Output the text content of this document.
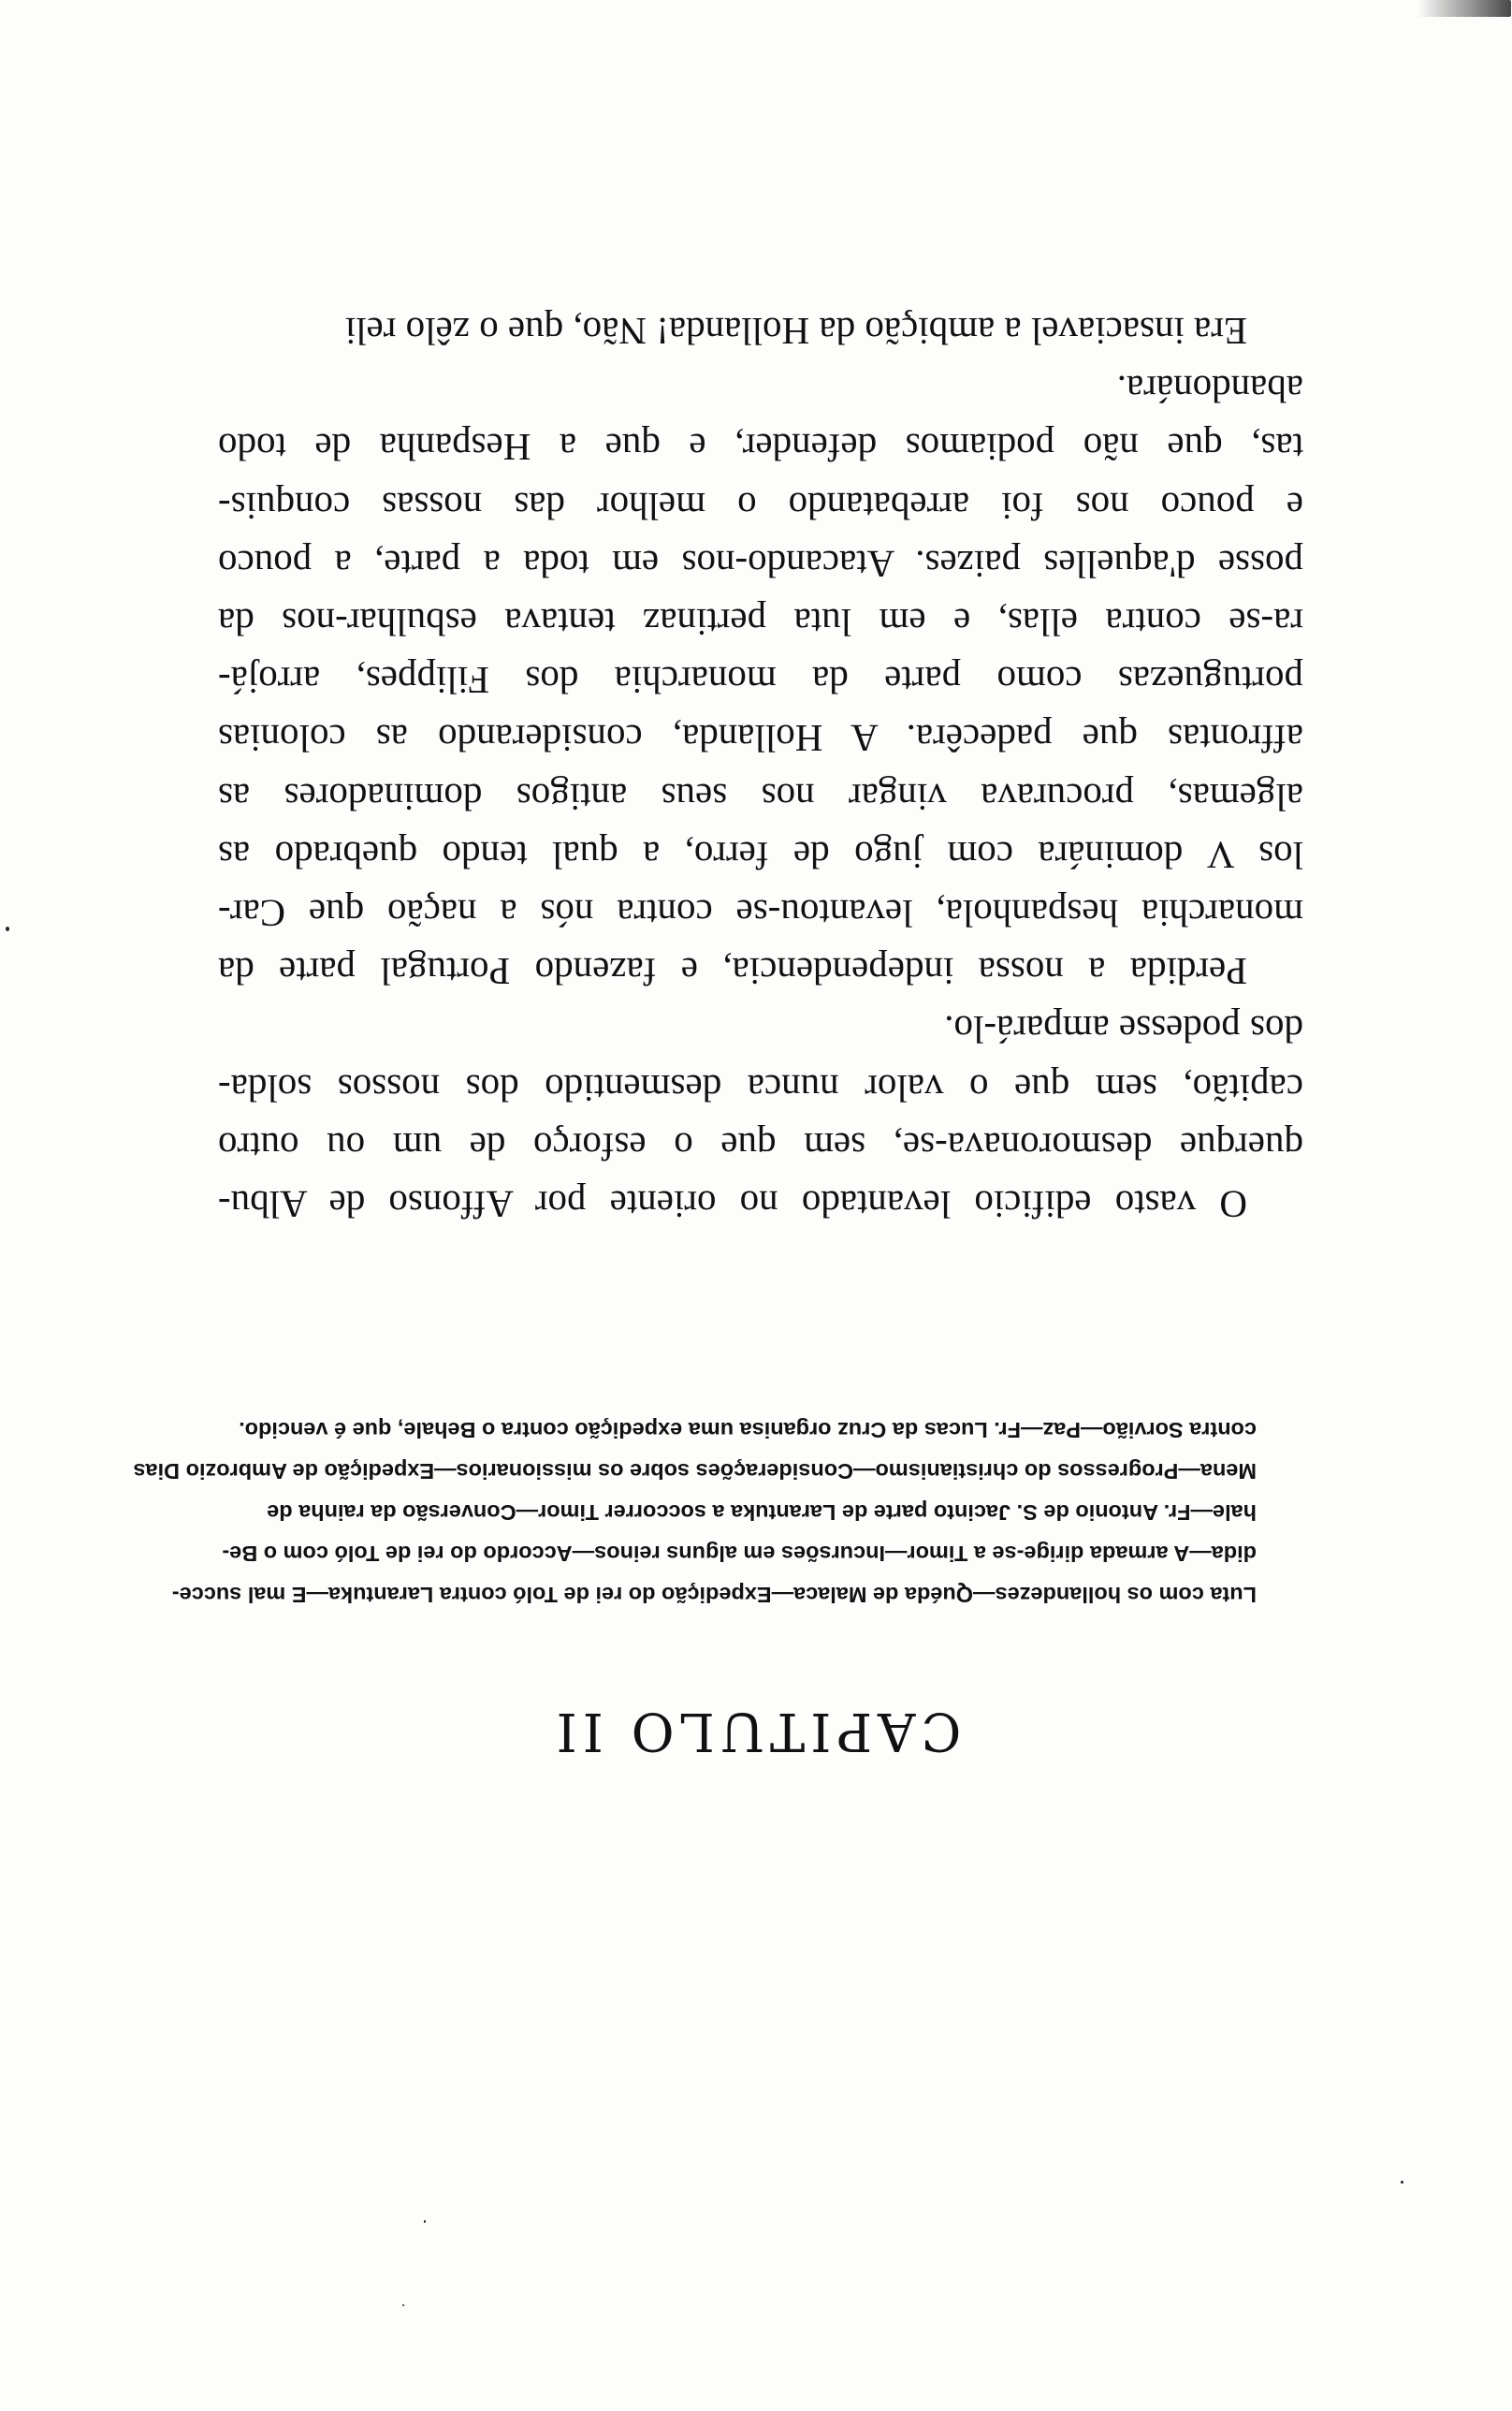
CAPITULO II
Luta com os hollandezes—Quéda de Malaca—Expedição do rei de Toló contra Larantuka—E mal succe-
dida—A armada dirige-se a Timor—Incursões em alguns reinos—Accordo do rei de Toló com o Be-
hale—Fr. Antonio de S. Jacinto parte de Larantuka a soccorrer Timor—Conversão da rainha de
Mena—Progressos do christianismo—Considerações sobre os missionarios—Expedição de Ambrozio Dias
contra Sorvião—Paz—Fr. Lucas da Cruz organisa uma expedição contra o Behale, que é vencido.
O vasto edificio levantado no oriente por Affonso de Albu-
querque desmoronava-se, sem que o esforço de um ou outro
capitão, sem que o valor nunca desmentido dos nossos solda-
dos podesse ampará-lo.
Perdida a nossa independencia, e fazendo Portugal parte da
monarchia hespanhola, levantou-se contra nós a nação que Car-
los V dominára com jugo de ferro, a qual tendo quebrado as
algemas, procurava vingar nos seus antigos dominadores as
affrontas que padecêra. A Hollanda, considerando as colonias
portuguezas como parte da monarchia dos Filippes, arrojá-
ra-se contra ellas, e em luta pertinaz tentava esbulhar-nos da
posse d'aquelles paizes. Atacando-nos em toda a parte, a pouco
e pouco nos foi arrebatando o melhor das nossas conquis-
tas, que não podiamos defender, e que a Hespanha de todo
abandonára.
Era insaciavel a ambição da Hollanda! Não, que o zêlo reli
